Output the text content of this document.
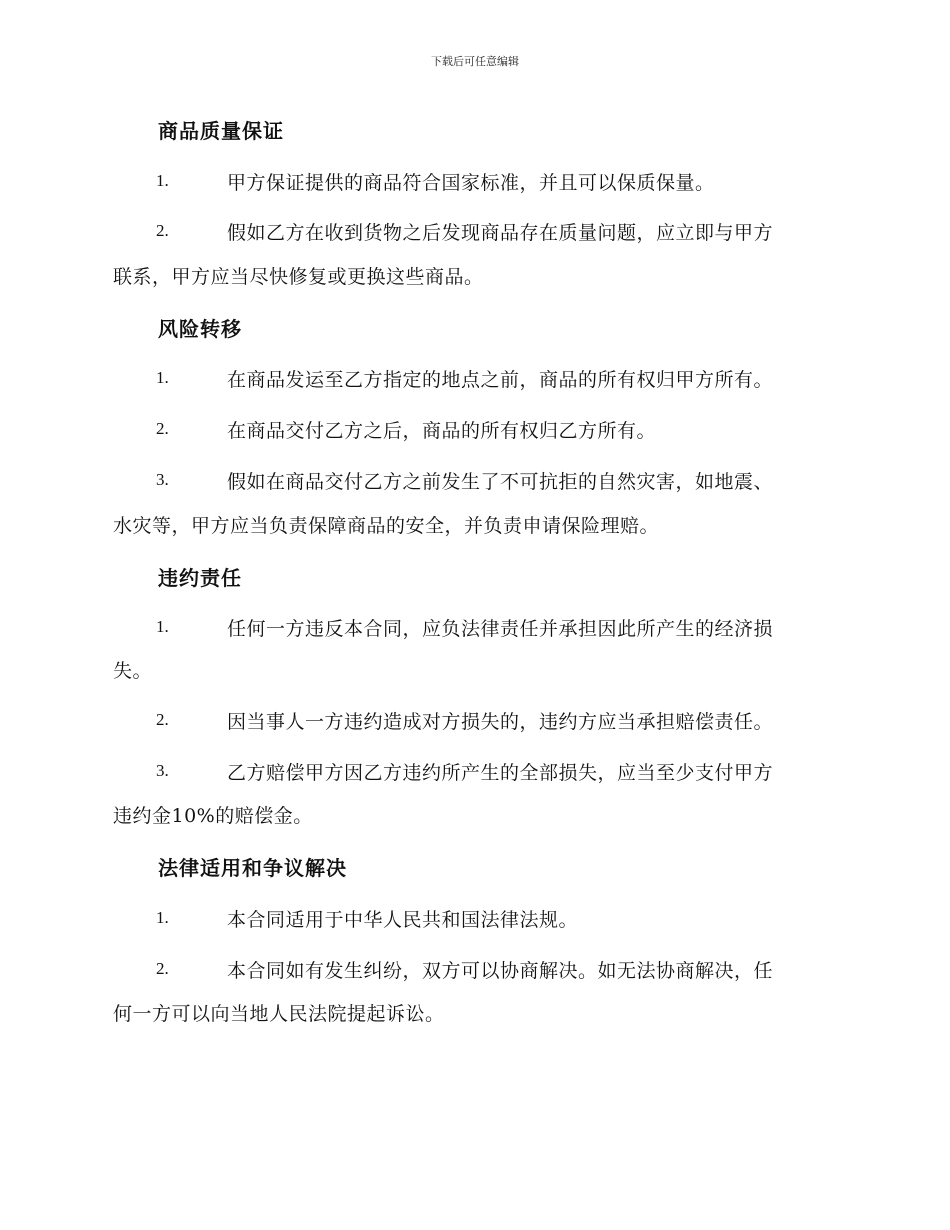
下载后可任意编辑
商品质量保证
1.	甲方保证提供的商品符合国家标准，并且可以保质保量。
2.	假如乙方在收到货物之后发现商品存在质量问题，应立即与甲方
联系，甲方应当尽快修复或更换这些商品。
风险转移
1.	在商品发运至乙方指定的地点之前，商品的所有权归甲方所有。
2.	在商品交付乙方之后，商品的所有权归乙方所有。
3.	假如在商品交付乙方之前发生了不可抗拒的自然灾害，如地震、
水灾等，甲方应当负责保障商品的安全，并负责申请保险理赔。
违约责任
1.	任何一方违反本合同，应负法律责任并承担因此所产生的经济损
失。
2.	因当事人一方违约造成对方损失的，违约方应当承担赔偿责任。
3.	乙方赔偿甲方因乙方违约所产生的全部损失，应当至少支付甲方
违约金10%的赔偿金。
法律适用和争议解决
1.	本合同适用于中华人民共和国法律法规。
2.	本合同如有发生纠纷，双方可以协商解决。如无法协商解决，任
何一方可以向当地人民法院提起诉讼。
